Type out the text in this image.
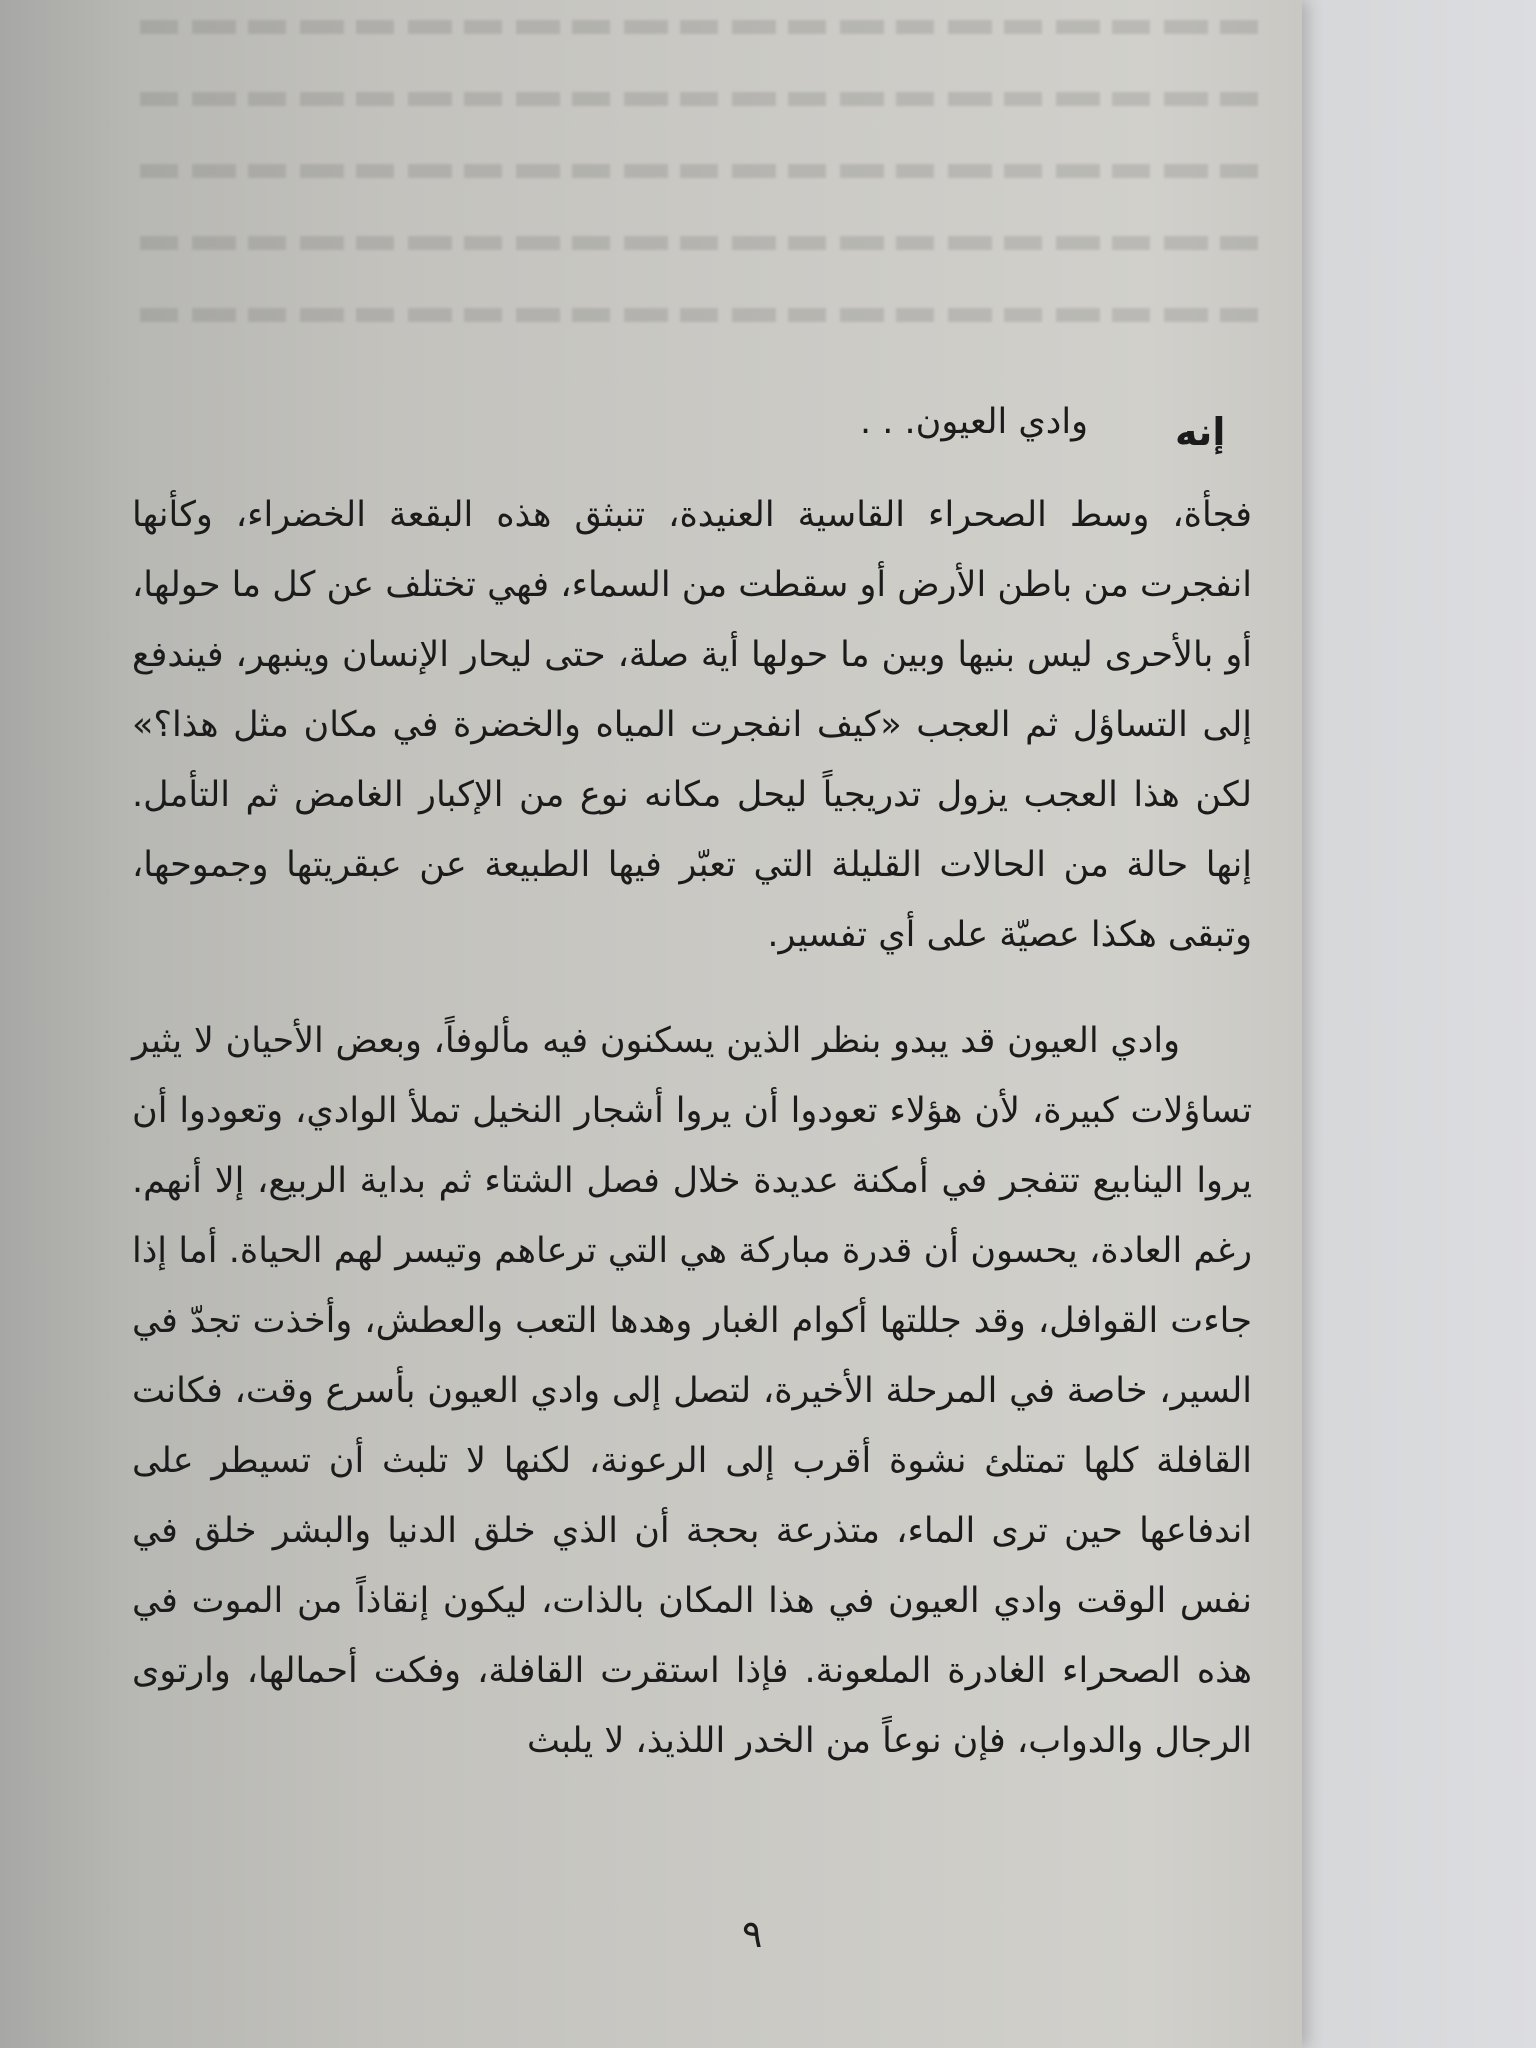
إنه
وادي العيون. . .

فجأة، وسط الصحراء القاسية العنيدة، تنبثق هذه البقعة الخضراء، وكأنها انفجرت من باطن الأرض أو سقطت من السماء، فهي تختلف عن كل ما حولها، أو بالأحرى ليس بنيها وبين ما حولها أية صلة، حتى ليحار الإنسان وينبهر، فيندفع إلى التساؤل ثم العجب «كيف انفجرت المياه والخضرة في مكان مثل هذا؟» لكن هذا العجب يزول تدريجياً ليحل مكانه نوع من الإكبار الغامض ثم التأمل. إنها حالة من الحالات القليلة التي تعبّر فيها الطبيعة عن عبقريتها وجموحها، وتبقى هكذا عصيّة على أي تفسير.

وادي العيون قد يبدو بنظر الذين يسكنون فيه مألوفاً، وبعض الأحيان لا يثير تساؤلات كبيرة، لأن هؤلاء تعودوا أن يروا أشجار النخيل تملأ الوادي، وتعودوا أن يروا الينابيع تتفجر في أمكنة عديدة خلال فصل الشتاء ثم بداية الربيع، إلا أنهم. رغم العادة، يحسون أن قدرة مباركة هي التي ترعاهم وتيسر لهم الحياة. أما إذا جاءت القوافل، وقد جللتها أكوام الغبار وهدها التعب والعطش، وأخذت تجدّ في السير، خاصة في المرحلة الأخيرة، لتصل إلى وادي العيون بأسرع وقت، فكانت القافلة كلها تمتلئ نشوة أقرب إلى الرعونة، لكنها لا تلبث أن تسيطر على اندفاعها حين ترى الماء، متذرعة بحجة أن الذي خلق الدنيا والبشر خلق في نفس الوقت وادي العيون في هذا المكان بالذات، ليكون إنقاذاً من الموت في هذه الصحراء الغادرة الملعونة. فإذا استقرت القافلة، وفكت أحمالها، وارتوى الرجال والدواب، فإن نوعاً من الخدر اللذيذ، لا يلبث

٩
